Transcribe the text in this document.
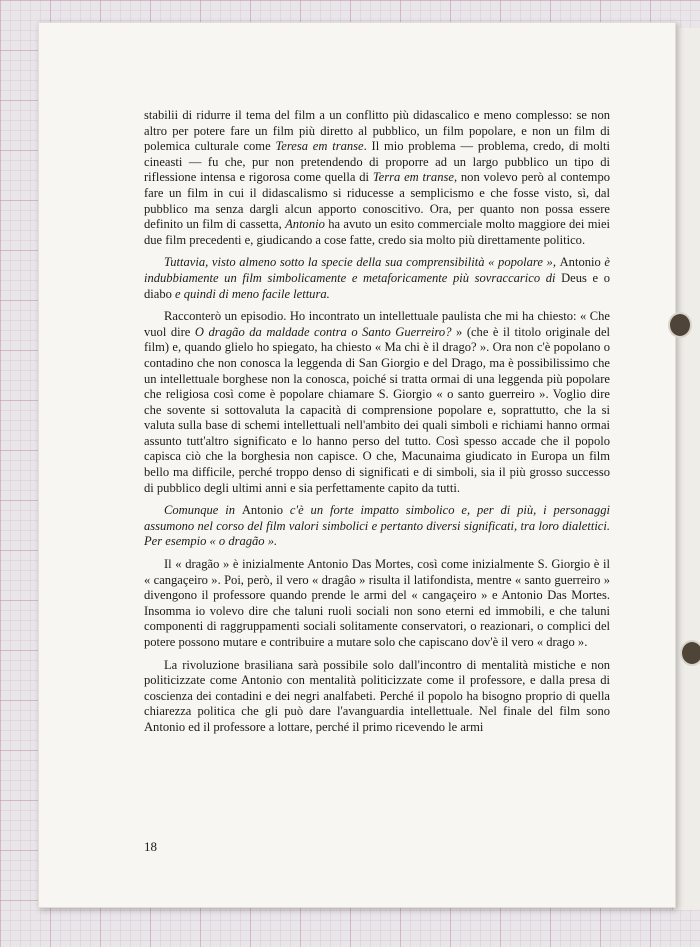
stabilii di ridurre il tema del film a un conflitto più didascalico e meno complesso: se non altro per potere fare un film più diretto al pubblico, un film popolare, e non un film di polemica culturale come Teresa em transe. Il mio problema — problema, credo, di molti cineasti — fu che, pur non pretendendo di proporre ad un largo pubblico un tipo di riflessione intensa e rigorosa come quella di Terra em transe, non volevo però al contempo fare un film in cui il didascalismo si riducesse a semplicismo e che fosse visto, sì, dal pubblico ma senza dargli alcun apporto conoscitivo. Ora, per quanto non possa essere definito un film di cassetta, Antonio ha avuto un esito commerciale molto maggiore dei miei due film precedenti e, giudicando a cose fatte, credo sia molto più direttamente politico.

Tuttavia, visto almeno sotto la specie della sua comprensibilità « popolare », Antonio è indubbiamente un film simbolicamente e metaforicamente più sovraccarico di Deus e o diabo e quindi di meno facile lettura.

Racconterò un episodio. Ho incontrato un intellettuale paulista che mi ha chiesto: « Che vuol dire O dragão da maldade contra o Santo Guerreiro? » (che è il titolo originale del film) e, quando glielo ho spiegato, ha chiesto « Ma chi è il drago? ». Ora non c'è popolano o contadino che non conosca la leggenda di San Giorgio e del Drago, ma è possibilissimo che un intellettuale borghese non la conosca, poiché si tratta ormai di una leggenda più popolare che religiosa così come è popolare chiamare S. Giorgio « o santo guerreiro ». Voglio dire che sovente si sottovaluta la capacità di comprensione popolare e, soprattutto, che la si valuta sulla base di schemi intellettuali nell'ambito dei quali simboli e richiami hanno ormai assunto tutt'altro significato e lo hanno perso del tutto. Così spesso accade che il popolo capisca ciò che la borghesia non capisce. O che, Macunaima giudicato in Europa un film bello ma difficile, perché troppo denso di significati e di simboli, sia il più grosso successo di pubblico degli ultimi anni e sia perfettamente capito da tutti.

Comunque in Antonio c'è un forte impatto simbolico e, per di più, i personaggi assumono nel corso del film valori simbolici e pertanto diversi significati, tra loro dialettici. Per esempio « o dragão ».

Il « dragão » è inizialmente Antonio Das Mortes, così come inizialmente S. Giorgio è il « cangaçeiro ». Poi, però, il vero « dragâo » risulta il latifondista, mentre « santo guerreiro » divengono il professore quando prende le armi del « cangaçeiro » e Antonio Das Mortes. Insomma io volevo dire che taluni ruoli sociali non sono eterni ed immobili, e che taluni componenti di raggruppamenti sociali solitamente conservatori, o reazionari, o complici del potere possono mutare e contribuire a mutare solo che capiscano dov'è il vero « drago ».

La rivoluzione brasiliana sarà possibile solo dall'incontro di mentalità mistiche e non politicizzate come Antonio con mentalità politicizzate come il professore, e dalla presa di coscienza dei contadini e dei negri analfabeti. Perché il popolo ha bisogno proprio di quella chiarezza politica che gli può dare l'avanguardia intellettuale. Nel finale del film sono Antonio ed il professore a lottare, perché il primo ricevendo le armi

18
